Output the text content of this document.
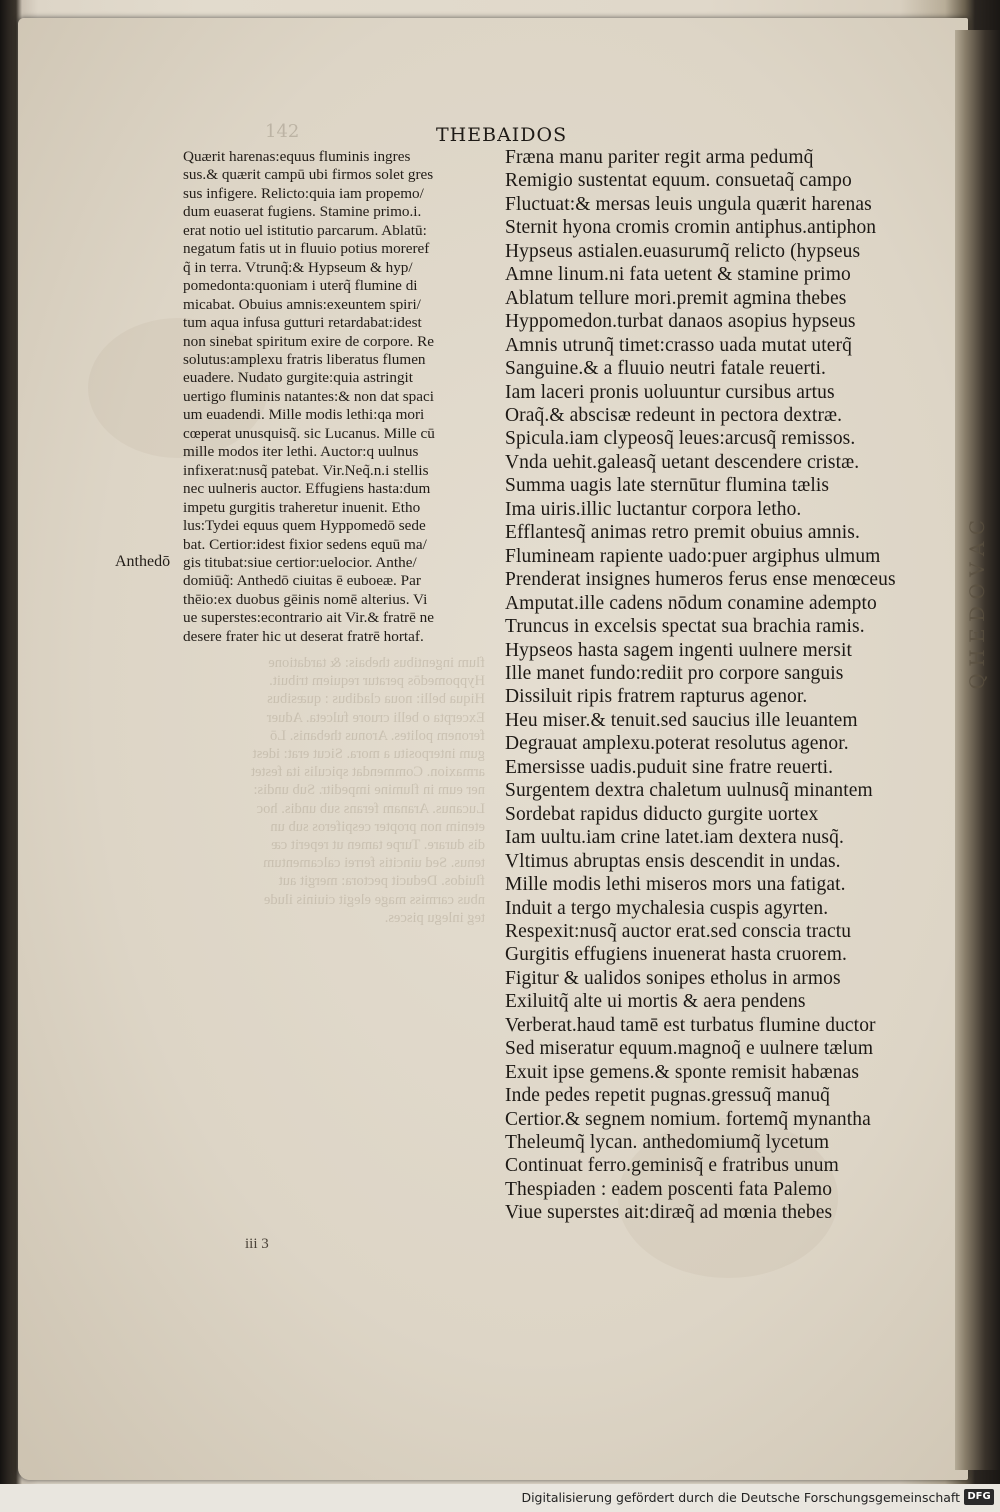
Q H E D O V A C
142	THEBAIDOS
Quærit harenas:equus fluminis ingres
sus.& quærit campū ubi firmos solet gres
sus infigere. Relicto:quia iam propemo/
dum euaserat fugiens. Stamine primo.i.
erat notio uel istitutio parcarum. Ablatū:
negatum fatis ut in fluuio potius moreref
q̃ in terra. Vtrunq̃:& Hypseum & hyp/
pomedonta:quoniam i uterq̃ flumine di
micabat. Obuius amnis:exeuntem spiri/
tum aqua infusa gutturi retardabat:idest
non sinebat spiritum exire de corpore. Re
solutus:amplexu fratris liberatus flumen
euadere. Nudato gurgite:quia astringit
uertigo fluminis natantes:& non dat spaci
um euadendi. Mille modis lethi:qa mori
cœperat unusquisq̃. sic Lucanus. Mille cū
mille modos iter lethi. Auctor:q uulnus
infixerat:nusq̃ patebat. Vir.Neq̃.n.i stellis
nec uulneris auctor. Effugiens hasta:dum
impetu gurgitis traheretur inuenit. Etho
lus:Tydei equus quem Hyppomedō sede
bat. Certior:idest fixior sedens equū ma/
gis titubat:siue certior:uelocior. Anthe/
domiūq̃: Anthedō ciuitas ē euboeæ. Par
thēio:ex duobus gēinis nomē alterius. Vi
ue superstes:econtrario ait Vir.& fratrē ne
desere frater hic ut deserat fratrē hortaf.
Anthedō
flum ingentibus thebais: & tardatione
Hyppomedōs peratur requiem tribuit.
Hiqua belli: noua cladibus : quæsibus
Excerpta o belli cruore fulceta. Aduer
feronem polites. Aronus thebanis. Lō
gum interpositu a mora. Sicut erat: idest
armaxion. Commendat spiculis ita festet
ner eum in flumine impeditr. Sub undis:
Lucanus. Aranam ferans sub undis. hoc
etenim non propter cespiferos sub un
dis durare. Turpe tamen ut reperit cæ
tenus. Sed uincitis ferrei calcamentum
fluidos. Deducit pectora: mergit aut
nbus carmiss mage elegit ciuinis ilude
teg inlegu pisces.
Fræna manu pariter regit arma pedumq̃
Remigio sustentat equum. consuetaq̃ campo
Fluctuat:& mersas leuis ungula quærit harenas
Sternit hyona cromis cromin antiphus.antiphon
Hypseus astialen.euasurumq̃ relicto (hypseus
Amne linum.ni fata uetent & stamine primo
Ablatum tellure mori.premit agmina thebes
Hyppomedon.turbat danaos asopius hypseus
Amnis utrunq̃ timet:crasso uada mutat uterq̃
Sanguine.& a fluuio neutri fatale reuerti.
Iam laceri pronis uoluuntur cursibus artus
Oraq̃.& abscisæ redeunt in pectora dextræ.
Spicula.iam clypeosq̃ leues:arcusq̃ remissos.
Vnda uehit.galeasq̃ uetant descendere cristæ.
Summa uagis late sternūtur flumina tælis
Ima uiris.illic luctantur corpora letho.
Efflantesq̃ animas retro premit obuius amnis.
Flumineam rapiente uado:puer argiphus ulmum
Prenderat insignes humeros ferus ense menœceus
Amputat.ille cadens nōdum conamine adempto
Truncus in excelsis spectat sua brachia ramis.
Hypseos hasta sagem ingenti uulnere mersit
Ille manet fundo:rediit pro corpore sanguis
Dissiluit ripis fratrem rapturus agenor.
Heu miser.& tenuit.sed saucius ille leuantem
Degrauat amplexu.poterat resolutus agenor.
Emersisse uadis.puduit sine fratre reuerti.
Surgentem dextra chaletum uulnusq̃ minantem
Sordebat rapidus diducto gurgite uortex
Iam uultu.iam crine latet.iam dextera nusq̃.
Vltimus abruptas ensis descendit in undas.
Mille modis lethi miseros mors una fatigat.
Induit a tergo mychalesia cuspis agyrten.
Respexit:nusq̃ auctor erat.sed conscia tractu
Gurgitis effugiens inuenerat hasta cruorem.
Figitur & ualidos sonipes etholus in armos
Exiluitq̃ alte ui mortis & aera pendens
Verberat.haud tamē est turbatus flumine ductor
Sed miseratur equum.magnoq̃ e uulnere tælum
Exuit ipse gemens.& sponte remisit habænas
Inde pedes repetit pugnas.gressuq̃ manuq̃
Certior.& segnem nomium. fortemq̃ mynantha
Theleumq̃ lycan. anthedomiumq̃ lycetum
Continuat ferro.geminisq̃ e fratribus unum
Thespiaden : eadem poscenti fata Palemo
Viue superstes ait:diræq̃ ad mœnia thebes
iii 3
Digitalisierung gefördert durch die Deutsche Forschungsgemeinschaft DFG
